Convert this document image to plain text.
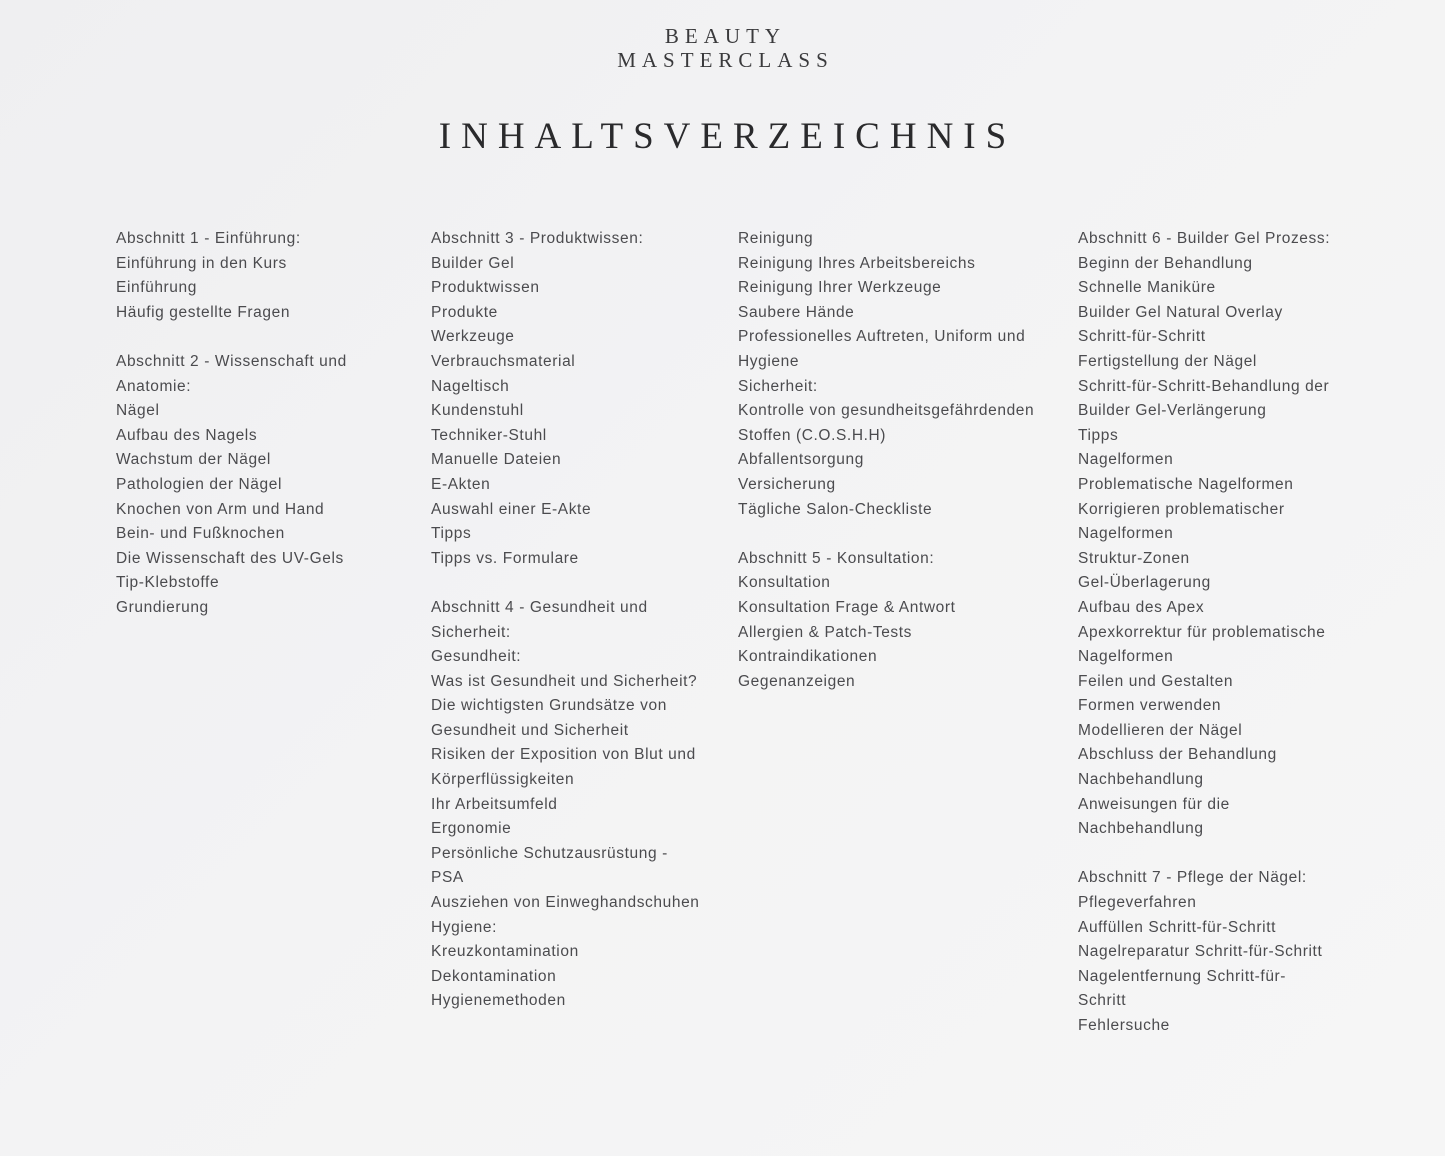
BEAUTY
MASTERCLASS
INHALTSVERZEICHNIS
Abschnitt 1 - Einführung:
Einführung in den Kurs
Einführung
Häufig gestellte Fragen
Abschnitt 2 - Wissenschaft und
Anatomie:
Nägel
Aufbau des Nagels
Wachstum der Nägel
Pathologien der Nägel
Knochen von Arm und Hand
Bein- und Fußknochen
Die Wissenschaft des UV-Gels
Tip-Klebstoffe
Grundierung
Abschnitt 3 - Produktwissen:
Builder Gel
Produktwissen
Produkte
Werkzeuge
Verbrauchsmaterial
Nageltisch
Kundenstuhl
Techniker-Stuhl
Manuelle Dateien
E-Akten
Auswahl einer E-Akte
Tipps
Tipps vs. Formulare
Abschnitt 4 - Gesundheit und
Sicherheit:
Gesundheit:
Was ist Gesundheit und Sicherheit?
Die wichtigsten Grundsätze von
Gesundheit und Sicherheit
Risiken der Exposition von Blut und
Körperflüssigkeiten
Ihr Arbeitsumfeld
Ergonomie
Persönliche Schutzausrüstung -
PSA
Ausziehen von Einweghandschuhen
Hygiene:
Kreuzkontamination
Dekontamination
Hygienemethoden
Reinigung
Reinigung Ihres Arbeitsbereichs
Reinigung Ihrer Werkzeuge
Saubere Hände
Professionelles Auftreten, Uniform und
Hygiene
Sicherheit:
Kontrolle von gesundheitsgefährdenden
Stoffen (C.O.S.H.H)
Abfallentsorgung
Versicherung
Tägliche Salon-Checkliste
Abschnitt 5 - Konsultation:
Konsultation
Konsultation Frage & Antwort
Allergien & Patch-Tests
Kontraindikationen
Gegenanzeigen
Abschnitt 6 - Builder Gel Prozess:
Beginn der Behandlung
Schnelle Maniküre
Builder Gel Natural Overlay
Schritt-für-Schritt
Fertigstellung der Nägel
Schritt-für-Schritt-Behandlung der
Builder Gel-Verlängerung
Tipps
Nagelformen
Problematische Nagelformen
Korrigieren problematischer
Nagelformen
Struktur-Zonen
Gel-Überlagerung
Aufbau des Apex
Apexkorrektur für problematische
Nagelformen
Feilen und Gestalten
Formen verwenden
Modellieren der Nägel
Abschluss der Behandlung
Nachbehandlung
Anweisungen für die
Nachbehandlung
Abschnitt 7 - Pflege der Nägel:
Pflegeverfahren
Auffüllen Schritt-für-Schritt
Nagelreparatur Schritt-für-Schritt
Nagelentfernung Schritt-für-
Schritt
Fehlersuche
